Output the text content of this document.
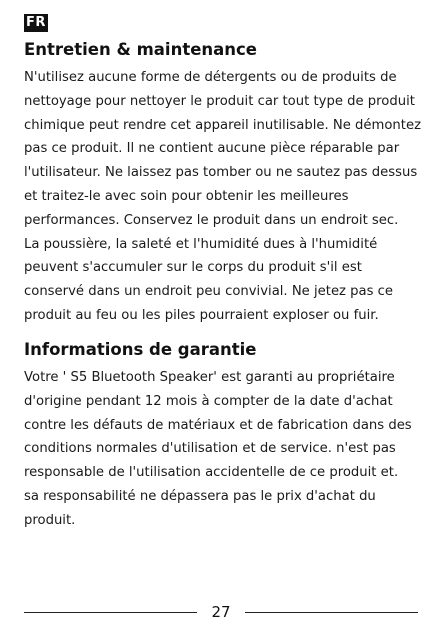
FR
Entretien & maintenance

N'utilisez aucune forme de détergents ou de produits de
nettoyage pour nettoyer le produit car tout type de produit
chimique peut rendre cet appareil inutilisable. Ne démontez
pas ce produit. Il ne contient aucune pièce réparable par
l'utilisateur. Ne laissez pas tomber ou ne sautez pas dessus
et traitez-le avec soin pour obtenir les meilleures
performances. Conservez le produit dans un endroit sec.
La poussière, la saleté et l'humidité dues à l'humidité
peuvent s'accumuler sur le corps du produit s'il est
conservé dans un endroit peu convivial. Ne jetez pas ce
produit au feu ou les piles pourraient exploser ou fuir.

Informations de garantie

Votre ' S5 Bluetooth Speaker' est garanti au propriétaire
d'origine pendant 12 mois à compter de la date d'achat
contre les défauts de matériaux et de fabrication dans des
conditions normales d'utilisation et de service. n'est pas
responsable de l'utilisation accidentelle de ce produit et.
sa responsabilité ne dépassera pas le prix d'achat du
produit.

27
